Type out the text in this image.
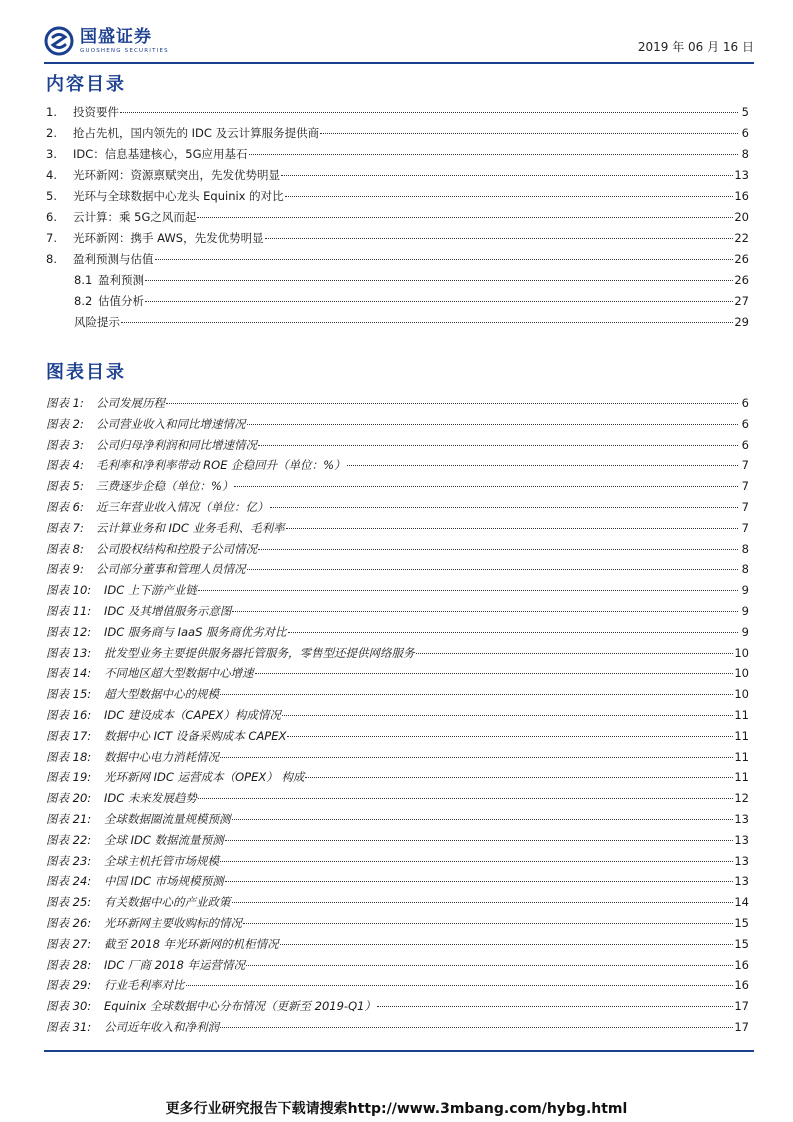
国盛证券
GUOSHENG SECURITIES	2019 年 06 月 16 日
内容目录
1.	投资要件	5
2.	抢占先机，国内领先的 IDC 及云计算服务提供商	6
3.	IDC：信息基建核心，5G应用基石	8
4.	光环新网：资源禀赋突出，先发优势明显	13
5.	光环与全球数据中心龙头 Equinix 的对比	16
6.	云计算：乘 5G之风而起	20
7.	光环新网：携手 AWS，先发优势明显	22
8.	盈利预测与估值	26
8.1 盈利预测	26
8.2 估值分析	27
风险提示	29
图表目录
图表 1:	公司发展历程	6
图表 2:	公司营业收入和同比增速情况	6
图表 3:	公司归母净利润和同比增速情况	6
图表 4:	毛利率和净利率带动 ROE 企稳回升（单位：%）	7
图表 5:	三费逐步企稳（单位：%）	7
图表 6:	近三年营业收入情况（单位：亿）	7
图表 7:	云计算业务和 IDC 业务毛利、毛利率	7
图表 8:	公司股权结构和控股子公司情况	8
图表 9:	公司部分董事和管理人员情况	8
图表 10:	IDC 上下游产业链	9
图表 11:	IDC 及其增值服务示意图	9
图表 12:	IDC 服务商与 IaaS 服务商优劣对比	9
图表 13:	批发型业务主要提供服务器托管服务，零售型还提供网络服务	10
图表 14:	不同地区超大型数据中心增速	10
图表 15:	超大型数据中心的规模	10
图表 16:	IDC 建设成本（CAPEX）构成情况	11
图表 17:	数据中心 ICT 设备采购成本 CAPEX	11
图表 18:	数据中心电力消耗情况	11
图表 19:	光环新网 IDC 运营成本（OPEX） 构成	11
图表 20:	IDC 未来发展趋势	12
图表 21:	全球数据圈流量规模预测	13
图表 22:	全球 IDC 数据流量预测	13
图表 23:	全球主机托管市场规模	13
图表 24:	中国 IDC 市场规模预测	13
图表 25:	有关数据中心的产业政策	14
图表 26:	光环新网主要收购标的情况	15
图表 27:	截至 2018 年光环新网的机柜情况	15
图表 28:	IDC 厂商 2018 年运营情况	16
图表 29:	行业毛利率对比	16
图表 30:	Equinix 全球数据中心分布情况（更新至 2019-Q1）	17
图表 31:	公司近年收入和净利润	17
更多行业研究报告下载请搜索http://www.3mbang.com/hybg.html
